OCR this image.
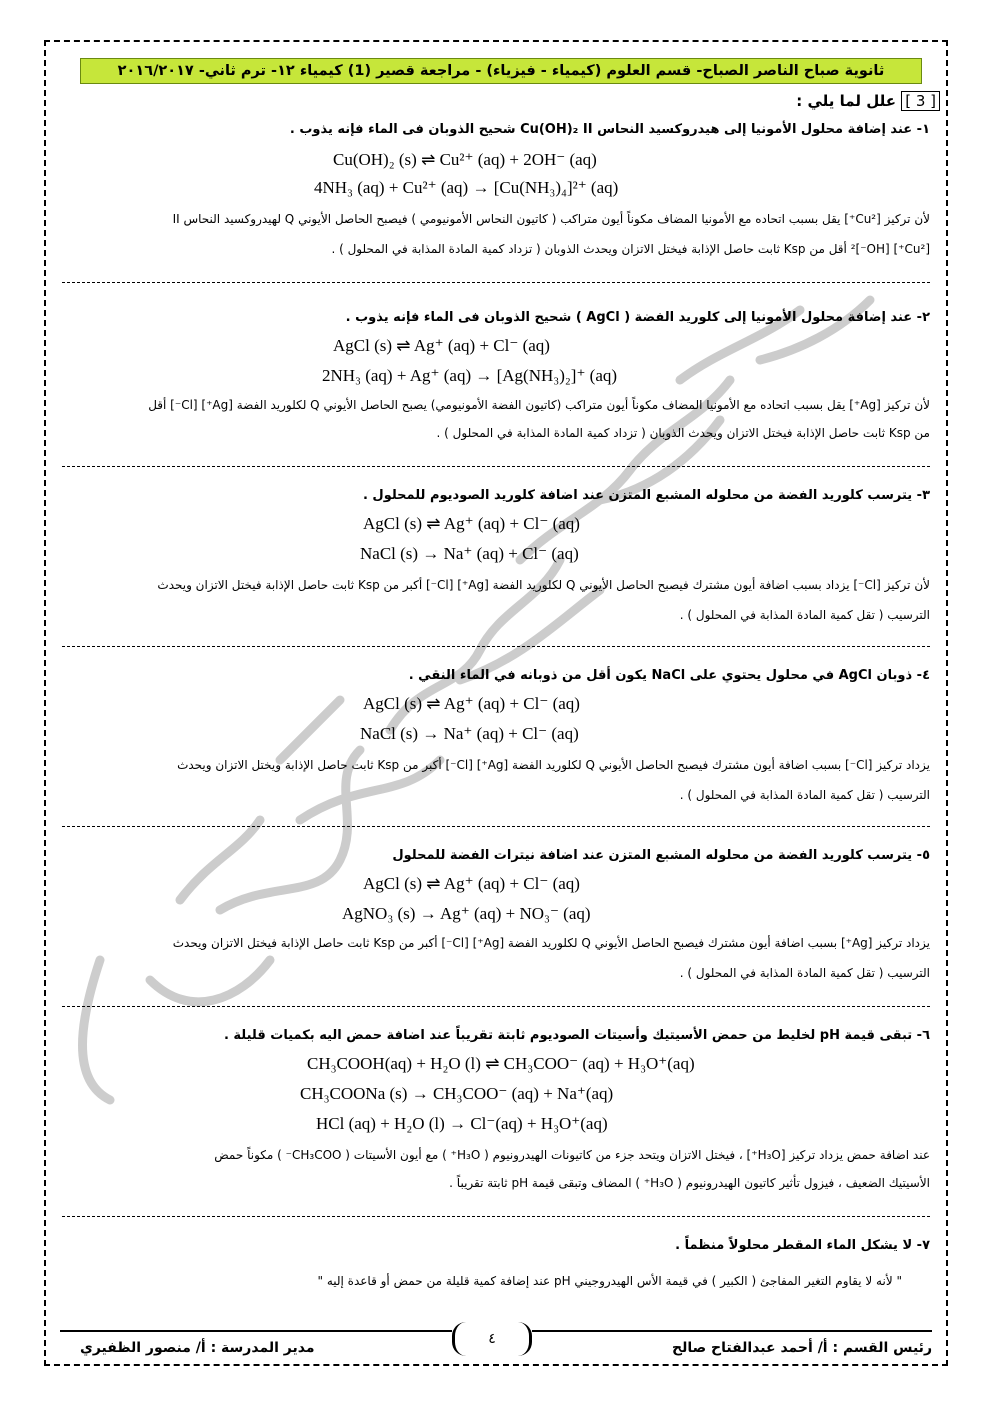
ثانوية صباح الناصر الصباح- قسم العلوم (كيمياء - فيزياء) - مراجعة قصير (1) كيمياء ١٢- ترم ثاني- ٢٠١٦/٢٠١٧
[ 3 ] علل لما يلي :
١- عند إضافة محلول الأمونيا إلى هيدروكسيد النحاس Cu(OH)₂ II شحيح الذوبان فى الماء فإنه يذوب .
Cu(OH)₂ (s) ⇌ Cu²⁺ (aq) + 2OH⁻ (aq)
4NH₃ (aq) + Cu²⁺ (aq) → [Cu(NH₃)₄]²⁺ (aq)
لأن تركيز [Cu²⁺] يقل بسبب اتحاده مع الأمونيا المضاف مكوناً أيون متراكب ( كاتيون النحاس الأمونيومي ) فيصبح الحاصل الأيوني Q لهيدروكسيد النحاس II
[Cu²⁺] [OH⁻]² أقل من Ksp ثابت حاصل الإذابة فيختل الاتزان ويحدث الذوبان ( تزداد كمية المادة المذابة في المحلول ) .
٢- عند إضافة محلول الأمونيا إلى كلوريد الفضة ( AgCl ) شحيح الذوبان فى الماء فإنه يذوب .
AgCl (s) ⇌ Ag⁺ (aq) + Cl⁻ (aq)
2NH₃ (aq) + Ag⁺ (aq) → [Ag(NH₃)₂]⁺ (aq)
لأن تركيز [Ag⁺] يقل بسبب اتحاده مع الأمونيا المضاف مكوناً أيون متراكب (كاتيون الفضة الأمونيومي) يصبح الحاصل الأيوني Q لكلوريد الفضة [Ag⁺] [Cl⁻] أقل
من Ksp ثابت حاصل الإذابة فيختل الاتزان ويحدث الذوبان ( تزداد كمية المادة المذابة في المحلول ) .
٣- يترسب كلوريد الفضة من محلوله المشبع المتزن عند اضافة كلوريد الصوديوم للمحلول .
AgCl (s) ⇌ Ag⁺ (aq) + Cl⁻ (aq)
NaCl (s) → Na⁺ (aq) + Cl⁻ (aq)
لأن تركيز [Cl⁻] يزداد بسبب اضافة أيون مشترك فيصبح الحاصل الأيوني Q لكلوريد الفضة [Ag⁺] [Cl⁻] أكبر من Ksp ثابت حاصل الإذابة فيختل الاتزان ويحدث
الترسيب ( تقل كمية المادة المذابة في المحلول ) .
٤- ذوبان AgCl في محلول يحتوي على NaCl يكون أقل من ذوبانه في الماء النقي .
AgCl (s) ⇌ Ag⁺ (aq) + Cl⁻ (aq)
NaCl (s) → Na⁺ (aq) + Cl⁻ (aq)
يزداد تركيز [Cl⁻] بسبب اضافة أيون مشترك فيصبح الحاصل الأيوني Q لكلوريد الفضة [Ag⁺] [Cl⁻] أكبر من Ksp ثابت حاصل الإذابة ويختل الاتزان ويحدث
الترسيب ( تقل كمية المادة المذابة في المحلول ) .
٥- يترسب كلوريد الفضة من محلوله المشبع المتزن عند اضافة نيترات الفضة للمحلول
AgCl (s) ⇌ Ag⁺ (aq) + Cl⁻ (aq)
AgNO₃ (s) → Ag⁺ (aq) + NO₃⁻ (aq)
يزداد تركيز [Ag⁺] بسبب اضافة أيون مشترك فيصبح الحاصل الأيوني Q لكلوريد الفضة [Ag⁺] [Cl⁻] أكبر من Ksp ثابت حاصل الإذابة فيختل الاتزان ويحدث
الترسيب ( تقل كمية المادة المذابة في المحلول ) .
٦- تبقى قيمة pH لخليط من حمض الأسيتيك وأسيتات الصوديوم ثابتة تقريباً عند اضافة حمض اليه بكميات قليلة .
CH₃COOH(aq) + H₂O (l) ⇌ CH₃COO⁻ (aq) + H₃O⁺(aq)
CH₃COONa (s) → CH₃COO⁻ (aq) + Na⁺(aq)
HCl (aq) + H₂O (l) → Cl⁻(aq) + H₃O⁺(aq)
عند اضافة حمض يزداد تركيز [H₃O⁺] ، فيختل الاتزان ويتحد جزء من كاتيونات الهيدرونيوم ( H₃O⁺ ) مع أيون الأسيتات ( CH₃COO⁻ ) مكوناً حمض
الأسيتيك الضعيف ، فيزول تأثير كاتيون الهيدرونيوم ( H₃O⁺ ) المضاف وتبقى قيمة pH ثابتة تقريباً .
٧- لا يشكل الماء المقطر محلولاً منظماً .
" لأنه لا يقاوم التغير المفاجئ ( الكبير ) في قيمة الأس الهيدروجيني pH عند إضافة كمية قليلة من حمض أو قاعدة إليه "
٤
رئيس القسم : أ/ أحمد عبدالفتاح صالح
مدير المدرسة : أ/ منصور الظفيري
